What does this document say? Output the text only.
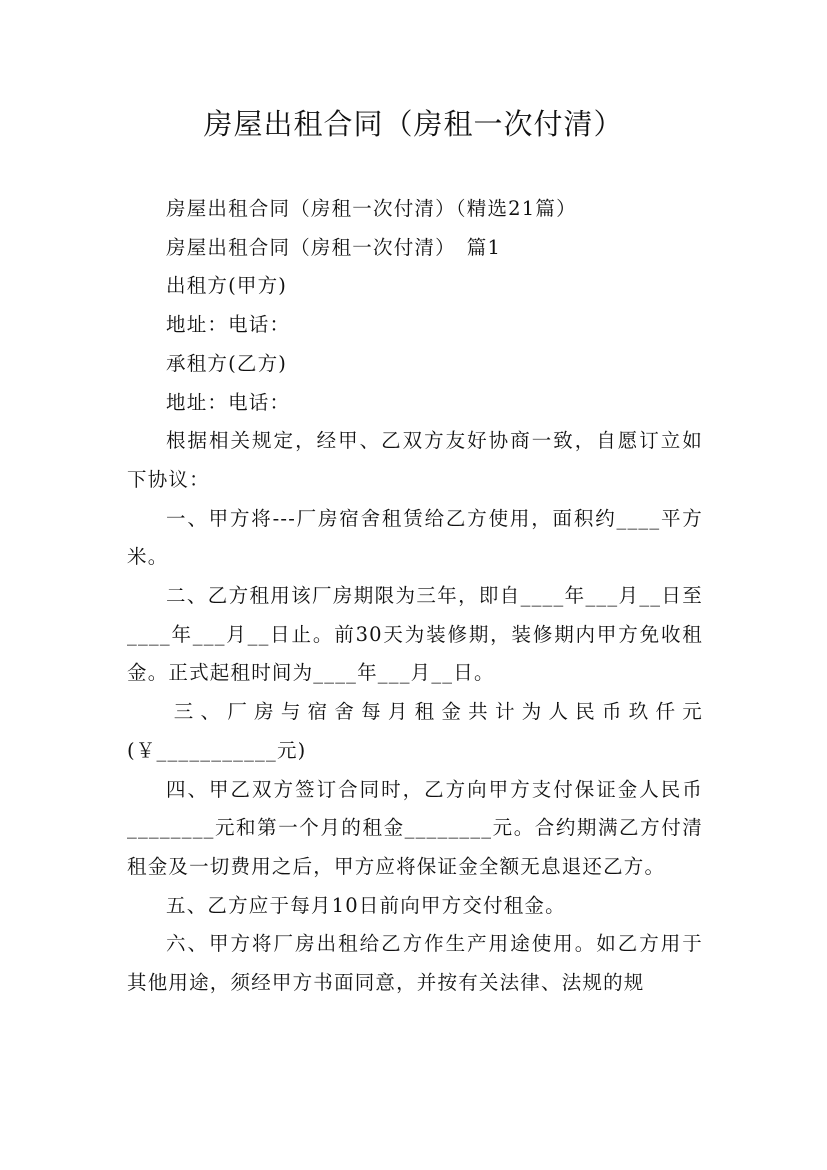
房屋出租合同（房租一次付清）

房屋出租合同（房租一次付清）（精选21篇）

房屋出租合同（房租一次付清）　篇1

出租方(甲方)

地址：电话：

承租方(乙方)

地址：电话：

根据相关规定，经甲、乙双方友好协商一致，自愿订立如下协议：

一、甲方将---厂房宿舍租赁给乙方使用，面积约____平方米。

二、乙方租用该厂房期限为三年，即自____年___月__日至____年___月__日止。前30天为装修期，装修期内甲方免收租金。正式起租时间为____年___月__日。

三、厂房与宿舍每月租金共计为人民币玖仟元(￥___________元)

四、甲乙双方签订合同时，乙方向甲方支付保证金人民币________元和第一个月的租金________元。合约期满乙方付清租金及一切费用之后，甲方应将保证金全额无息退还乙方。

五、乙方应于每月10日前向甲方交付租金。

六、甲方将厂房出租给乙方作生产用途使用。如乙方用于其他用途，须经甲方书面同意，并按有关法律、法规的规
